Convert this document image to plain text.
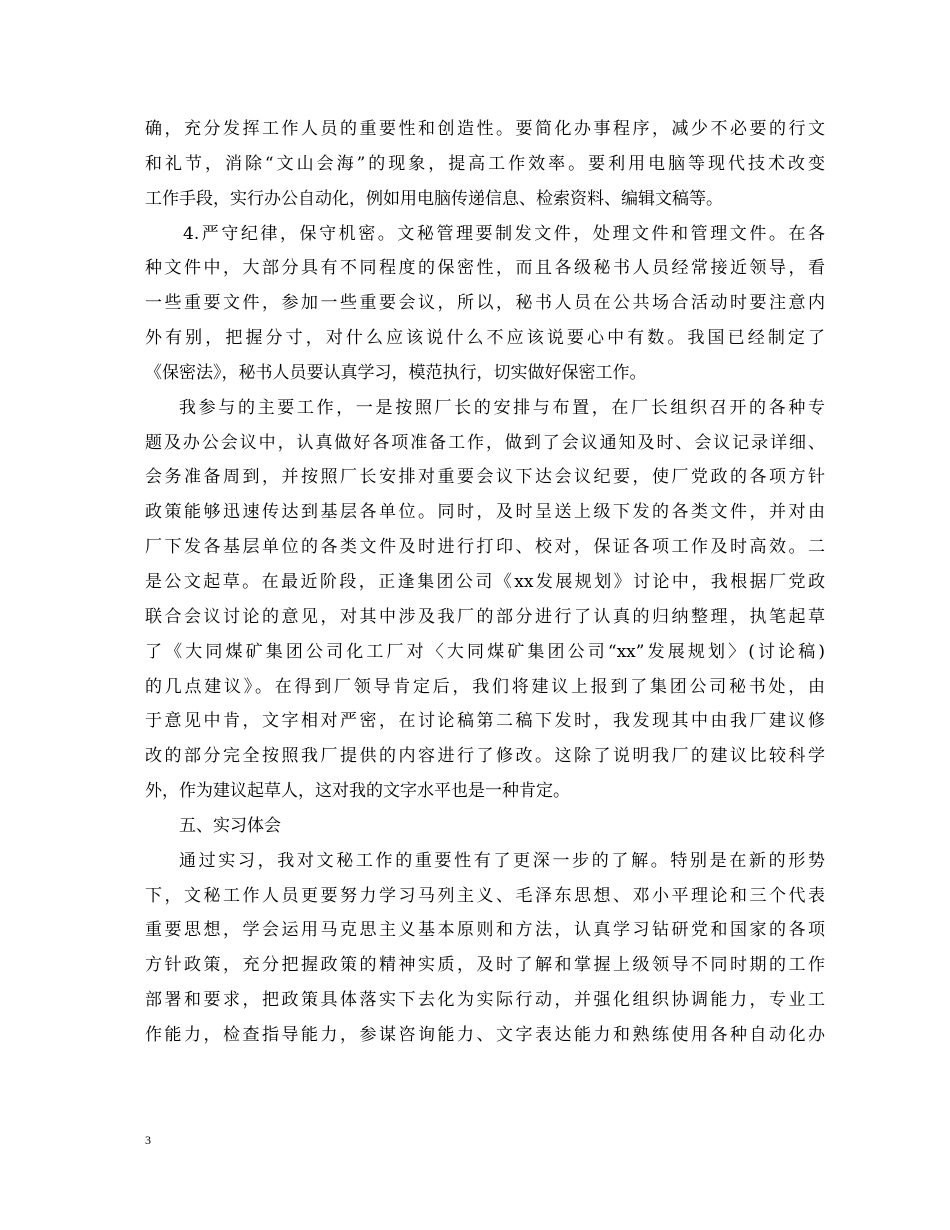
确，充分发挥工作人员的重要性和创造性。要简化办事程序，减少不必要的行文
和礼节，消除“文山会海”的现象，提高工作效率。要利用电脑等现代技术改变
工作手段，实行办公自动化，例如用电脑传递信息、检索资料、编辑文稿等。
4.严守纪律，保守机密。文秘管理要制发文件，处理文件和管理文件。在各
种文件中，大部分具有不同程度的保密性，而且各级秘书人员经常接近领导，看
一些重要文件，参加一些重要会议，所以，秘书人员在公共场合活动时要注意内
外有别，把握分寸，对什么应该说什么不应该说要心中有数。我国已经制定了
《保密法》，秘书人员要认真学习，模范执行，切实做好保密工作。
我参与的主要工作，一是按照厂长的安排与布置，在厂长组织召开的各种专
题及办公会议中，认真做好各项准备工作，做到了会议通知及时、会议记录详细、
会务准备周到，并按照厂长安排对重要会议下达会议纪要，使厂党政的各项方针
政策能够迅速传达到基层各单位。同时，及时呈送上级下发的各类文件，并对由
厂下发各基层单位的各类文件及时进行打印、校对，保证各项工作及时高效。二
是公文起草。在最近阶段，正逢集团公司《xx发展规划》讨论中，我根据厂党政
联合会议讨论的意见，对其中涉及我厂的部分进行了认真的归纳整理，执笔起草
了《大同煤矿集团公司化工厂对〈大同煤矿集团公司“xx”发展规划〉(讨论稿)
的几点建议》。在得到厂领导肯定后，我们将建议上报到了集团公司秘书处，由
于意见中肯，文字相对严密，在讨论稿第二稿下发时，我发现其中由我厂建议修
改的部分完全按照我厂提供的内容进行了修改。这除了说明我厂的建议比较科学
外，作为建议起草人，这对我的文字水平也是一种肯定。
五、实习体会
通过实习，我对文秘工作的重要性有了更深一步的了解。特别是在新的形势
下，文秘工作人员更要努力学习马列主义、毛泽东思想、邓小平理论和三个代表
重要思想，学会运用马克思主义基本原则和方法，认真学习钻研党和国家的各项
方针政策，充分把握政策的精神实质，及时了解和掌握上级领导不同时期的工作
部署和要求，把政策具体落实下去化为实际行动，并强化组织协调能力，专业工
作能力，检查指导能力，参谋咨询能力、文字表达能力和熟练使用各种自动化办
3
